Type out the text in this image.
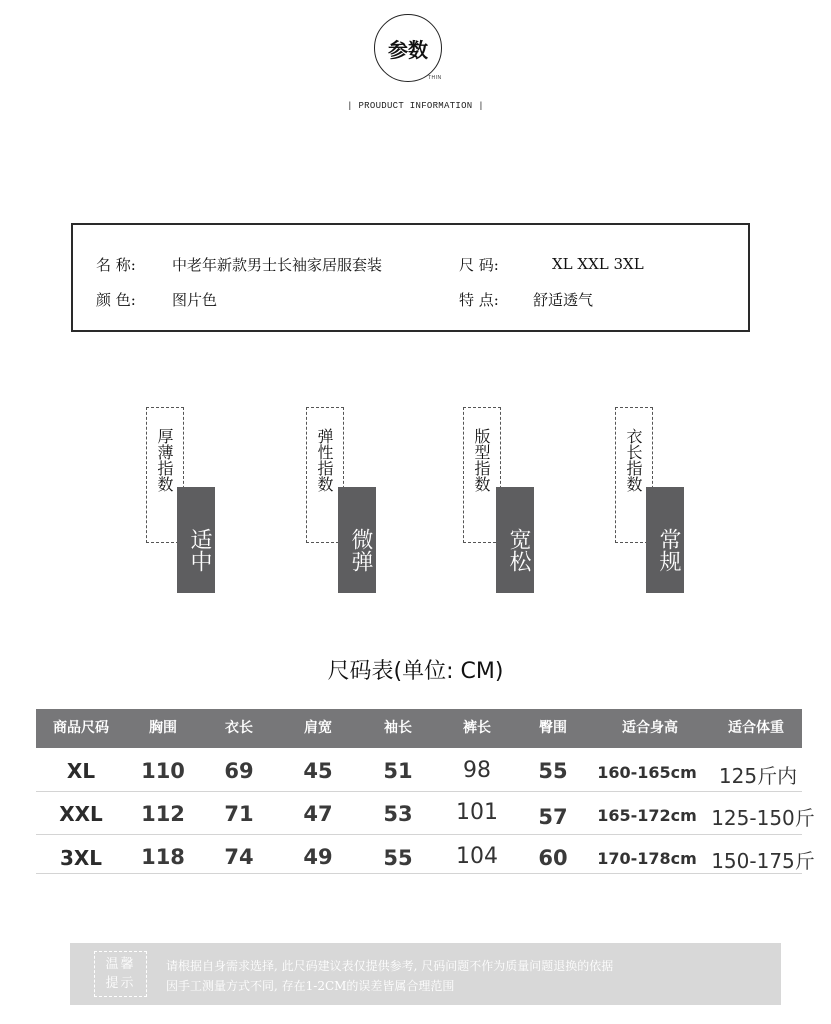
参数
THIN
| PROUDUCT INFORMATION |
名 称: 中老年新款男士长袖家居服套装	尺 码:	XL XXL 3XL
颜 色: 图片色	特 点: 舒适透气
厚薄指数
适中
弹性指数
微弹
版型指数
宽松
衣长指数
常规
尺码表(单位: CM)
商品尺码	胸围	衣长	肩宽	袖长	裤长	臀围	适合身高	适合体重
XL	110	69	45	51	98	55	160-165cm	125斤内
XXL	112	71	47	53	101	57	165-172cm 125-150斤
3XL	118	74	49	55	104	60	170-178cm 150-175斤
温馨
提示
请根据自身需求选择, 此尺码建议表仅提供参考, 尺码问题不作为质量问题退换的依据
因手工测量方式不同, 存在1-2CM的误差皆属合理范围
